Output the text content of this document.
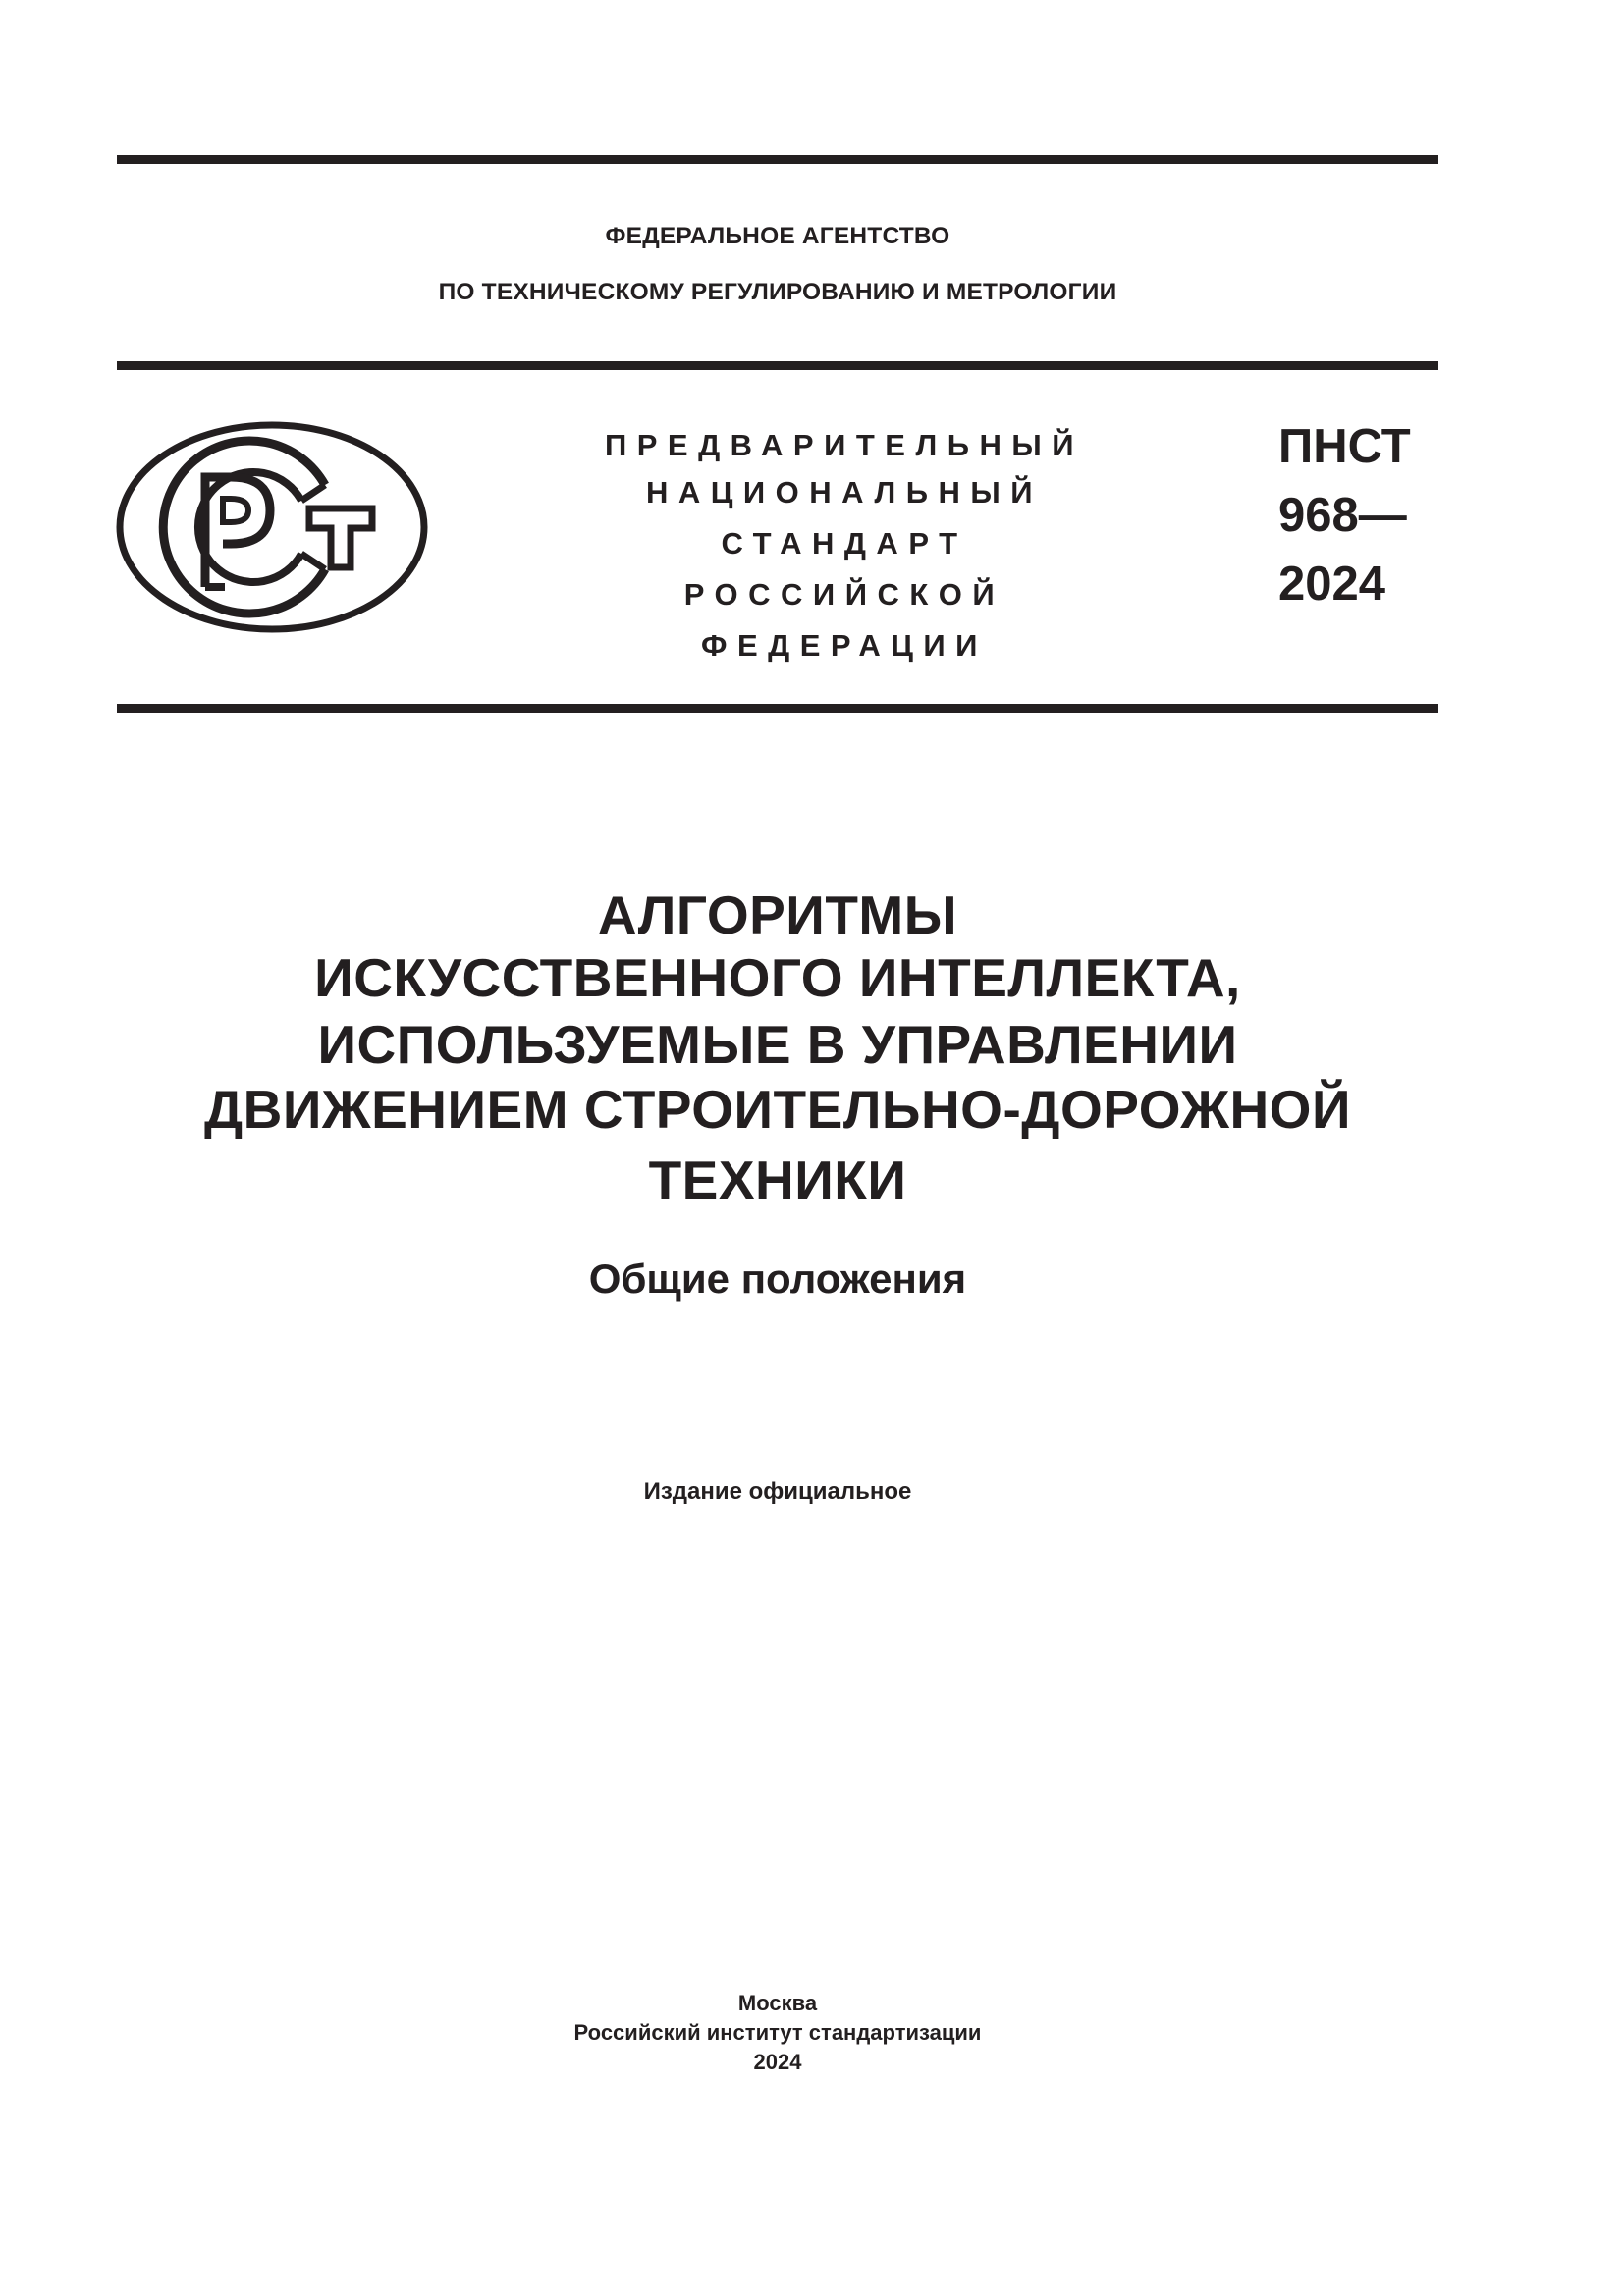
ФЕДЕРАЛЬНОЕ АГЕНТСТВО
ПО ТЕХНИЧЕСКОМУ РЕГУЛИРОВАНИЮ И МЕТРОЛОГИИ
ПРЕДВАРИТЕЛЬНЫЙ
НАЦИОНАЛЬНЫЙ
СТАНДАРТ
РОССИЙСКОЙ
ФЕДЕРАЦИИ
ПНСТ
968—
2024
АЛГОРИТМЫ
ИСКУССТВЕННОГО ИНТЕЛЛЕКТА,
ИСПОЛЬЗУЕМЫЕ В УПРАВЛЕНИИ
ДВИЖЕНИЕМ СТРОИТЕЛЬНО-ДОРОЖНОЙ
ТЕХНИКИ
Общие положения
Издание официальное
Москва
Российский институт стандартизации
2024
